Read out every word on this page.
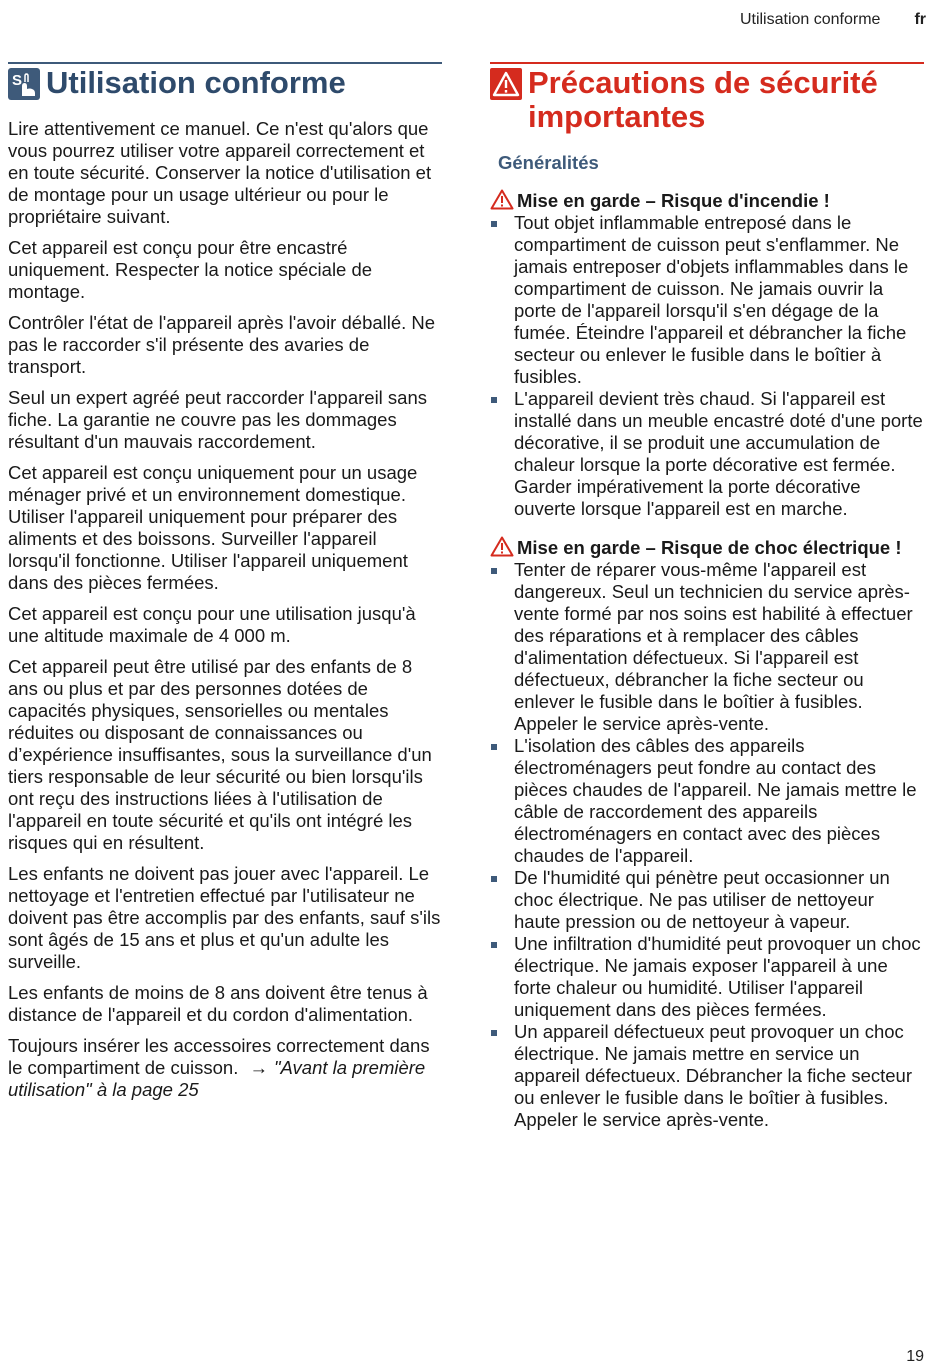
Utilisation conforme fr
S Utilisation conforme

Lire attentivement ce manuel. Ce n'est qu'alors que vous pourrez utiliser votre appareil correctement et en toute sécurité. Conserver la notice d'utilisation et de montage pour un usage ultérieur ou pour le propriétaire suivant.

Cet appareil est conçu pour être encastré uniquement. Respecter la notice spéciale de montage.

Contrôler l'état de l'appareil après l'avoir déballé. Ne pas le raccorder s'il présente des avaries de transport.

Seul un expert agréé peut raccorder l'appareil sans fiche. La garantie ne couvre pas les dommages résultant d'un mauvais raccordement.

Cet appareil est conçu uniquement pour un usage ménager privé et un environnement domestique. Utiliser l'appareil uniquement pour préparer des aliments et des boissons. Surveiller l'appareil lorsqu'il fonctionne. Utiliser l'appareil uniquement dans des pièces fermées.

Cet appareil est conçu pour une utilisation jusqu'à une altitude maximale de 4 000 m.

Cet appareil peut être utilisé par des enfants de 8 ans ou plus et par des personnes dotées de capacités physiques, sensorielles ou mentales réduites ou disposant de connaissances ou d’expérience insuffisantes, sous la surveillance d'un tiers responsable de leur sécurité ou bien lorsqu'ils ont reçu des instructions liées à l'utilisation de l'appareil en toute sécurité et qu'ils ont intégré les risques qui en résultent.

Les enfants ne doivent pas jouer avec l'appareil. Le nettoyage et l'entretien effectué par l'utilisateur ne doivent pas être accomplis par des enfants, sauf s'ils sont âgés de 15 ans et plus et qu'un adulte les surveille.

Les enfants de moins de 8 ans doivent être tenus à distance de l'appareil et du cordon d'alimentation.

Toujours insérer les accessoires correctement dans le compartiment de cuisson. → "Avant la première utilisation" à la page 25

Précautions de sécurité importantes
Généralités

Mise en garde – Risque d'incendie !

Tout objet inflammable entreposé dans le compartiment de cuisson peut s'enflammer. Ne jamais entreposer d'objets inflammables dans le compartiment de cuisson. Ne jamais ouvrir la porte de l'appareil lorsqu'il s'en dégage de la fumée. Éteindre l'appareil et débrancher la fiche secteur ou enlever le fusible dans le boîtier à fusibles.
L'appareil devient très chaud. Si l'appareil est installé dans un meuble encastré doté d'une porte décorative, il se produit une accumulation de chaleur lorsque la porte décorative est fermée. Garder impérativement la porte décorative ouverte lorsque l'appareil est en marche.

Mise en garde – Risque de choc électrique !

Tenter de réparer vous-même l'appareil est dangereux. Seul un technicien du service après-vente formé par nos soins est habilité à effectuer des réparations et à remplacer des câbles d'alimentation défectueux. Si l'appareil est défectueux, débrancher la fiche secteur ou enlever le fusible dans le boîtier à fusibles. Appeler le service après-vente.
L'isolation des câbles des appareils électroménagers peut fondre au contact des pièces chaudes de l'appareil. Ne jamais mettre le câble de raccordement des appareils électroménagers en contact avec des pièces chaudes de l'appareil.
De l'humidité qui pénètre peut occasionner un choc électrique. Ne pas utiliser de nettoyeur haute pression ou de nettoyeur à vapeur.
Une infiltration d'humidité peut provoquer un choc électrique. Ne jamais exposer l'appareil à une forte chaleur ou humidité. Utiliser l'appareil uniquement dans des pièces fermées.
Un appareil défectueux peut provoquer un choc électrique. Ne jamais mettre en service un appareil défectueux. Débrancher la fiche secteur ou enlever le fusible dans le boîtier à fusibles. Appeler le service après-vente.
19
